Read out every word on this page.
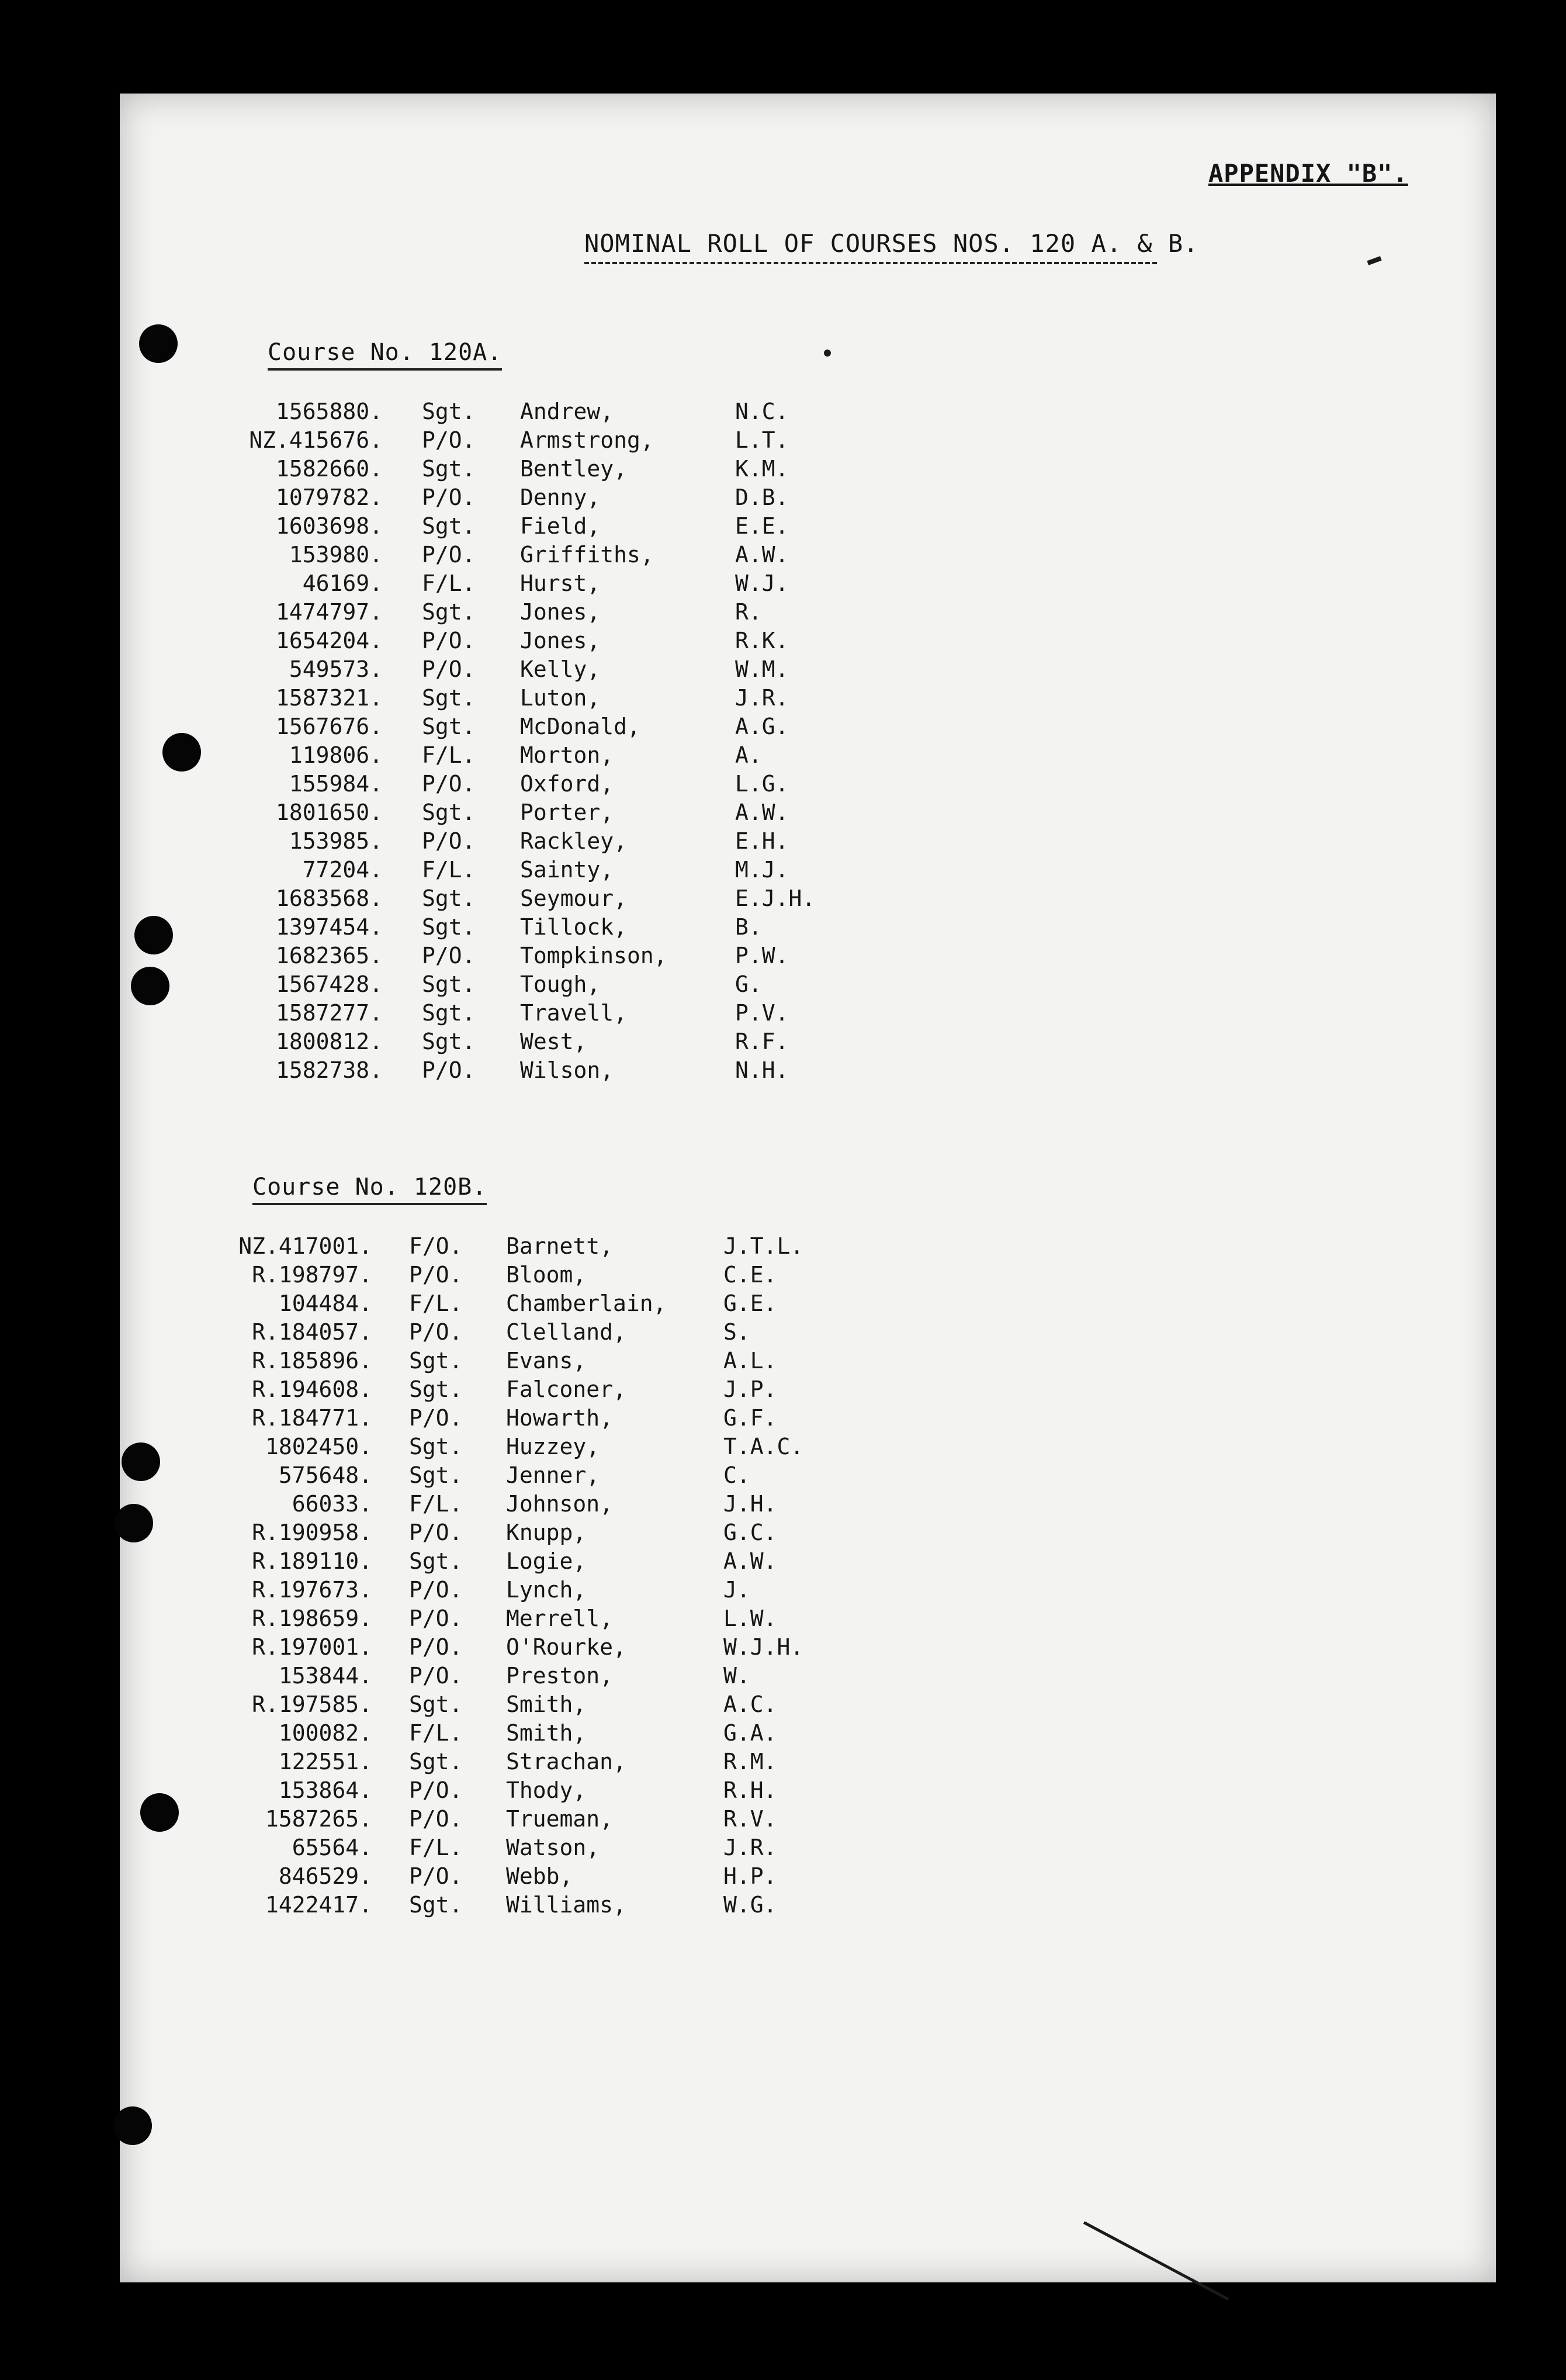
APPENDIX "B".
NOMINAL ROLL OF COURSES NOS. 120 A. & B.
Course No. 120A.
1565880. Sgt. Andrew,	N.C.
NZ.415676. P/O. Armstrong,	L.T.
1582660. Sgt. Bentley,	K.M.
1079782. P/O. Denny,	D.B.
1603698. Sgt. Field,	E.E.
153980. P/O. Griffiths,	A.W.
46169. F/L. Hurst,	W.J.
1474797. Sgt. Jones,	R.
1654204. P/O. Jones,	R.K.
549573. P/O. Kelly,	W.M.
1587321. Sgt. Luton,	J.R.
1567676. Sgt. McDonald,	A.G.
119806. F/L. Morton,	A.
155984. P/O. Oxford,	L.G.
1801650. Sgt. Porter,	A.W.
153985. P/O. Rackley,	E.H.
77204. F/L. Sainty,	M.J.
1683568. Sgt. Seymour,	E.J.H.
1397454. Sgt. Tillock,	B.
1682365. P/O. Tompkinson,	P.W.
1567428. Sgt. Tough,	G.
1587277. Sgt. Travell,	P.V.
1800812. Sgt. West,	R.F.
1582738. P/O. Wilson,	N.H.
Course No. 120B.
NZ.417001. F/O. Barnett,	J.T.L.
R.198797. P/O. Bloom,	C.E.
104484. F/L. Chamberlain,	G.E.
R.184057. P/O. Clelland,	S.
R.185896. Sgt. Evans,	A.L.
R.194608. Sgt. Falconer,	J.P.
R.184771. P/O. Howarth,	G.F.
1802450. Sgt. Huzzey,	T.A.C.
575648. Sgt. Jenner,	C.
66033. F/L. Johnson,	J.H.
R.190958. P/O. Knupp,	G.C.
R.189110. Sgt. Logie,	A.W.
R.197673. P/O. Lynch,	J.
R.198659. P/O. Merrell,	L.W.
R.197001. P/O. O'Rourke,	W.J.H.
153844. P/O. Preston,	W.
R.197585. Sgt. Smith,	A.C.
100082. F/L. Smith,	G.A.
122551. Sgt. Strachan,	R.M.
153864. P/O. Thody,	R.H.
1587265. P/O. Trueman,	R.V.
65564. F/L. Watson,	J.R.
846529. P/O. Webb,	H.P.
1422417. Sgt. Williams,	W.G.
